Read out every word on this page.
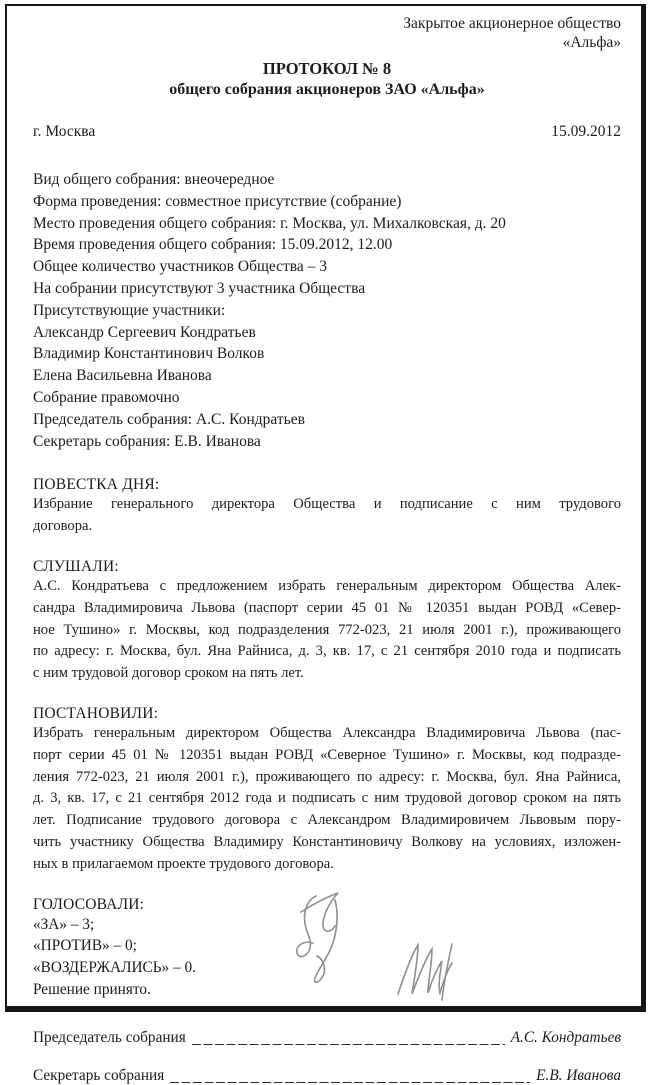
Закрытое акционерное общество
«Альфа»
ПРОТОКОЛ № 8
общего собрания акционеров ЗАО «Альфа»
г. Москва	15.09.2012
Вид общего собрания: внеочередное
Форма проведения: совместное присутствие (собрание)
Место проведения общего собрания: г. Москва, ул. Михалковская, д. 20
Время проведения общего собрания: 15.09.2012, 12.00
Общее количество участников Общества – 3
На собрании присутствуют 3 участника Общества
Присутствующие участники:
Александр Сергеевич Кондратьев
Владимир Константинович Волков
Елена Васильевна Иванова
Собрание правомочно
Председатель собрания: А.С. Кондратьев
Секретарь собрания: Е.В. Иванова
ПОВЕСТКА ДНЯ:
Избрание генерального директора Общества и подписание с ним трудового
договора.
СЛУШАЛИ:
А.С. Кондратьева с предложением избрать генеральным директором Общества Алек-
сандра Владимировича Львова (паспорт серии 45 01 № 120351 выдан РОВД «Север-
ное Тушино» г. Москвы, код подразделения 772-023, 21 июля 2001 г.), проживающего
по адресу: г. Москва, бул. Яна Райниса, д. 3, кв. 17, с 21 сентября 2010 года и подписать
с ним трудовой договор сроком на пять лет.
ПОСТАНОВИЛИ:
Избрать генеральным директором Общества Александра Владимировича Львова (пас-
порт серии 45 01 № 120351 выдан РОВД «Северное Тушино» г. Москвы, код подразде-
ления 772-023, 21 июля 2001 г.), проживающего по адресу: г. Москва, бул. Яна Райниса,
д. 3, кв. 17, с 21 сентября 2012 года и подписать с ним трудовой договор сроком на пять
лет. Подписание трудового договора с Александром Владимировичем Львовым пору-
чить участнику Общества Владимиру Константиновичу Волкову на условиях, изложен-
ных в прилагаемом проекте трудового договора.
ГОЛОСОВАЛИ:
«ЗА» – 3;
«ПРОТИВ» – 0;
«ВОЗДЕРЖАЛИСЬ» – 0.
Решение принято.
Председатель собрания	А.С. Кондратьев
Секретарь собрания	Е.В. Иванова
